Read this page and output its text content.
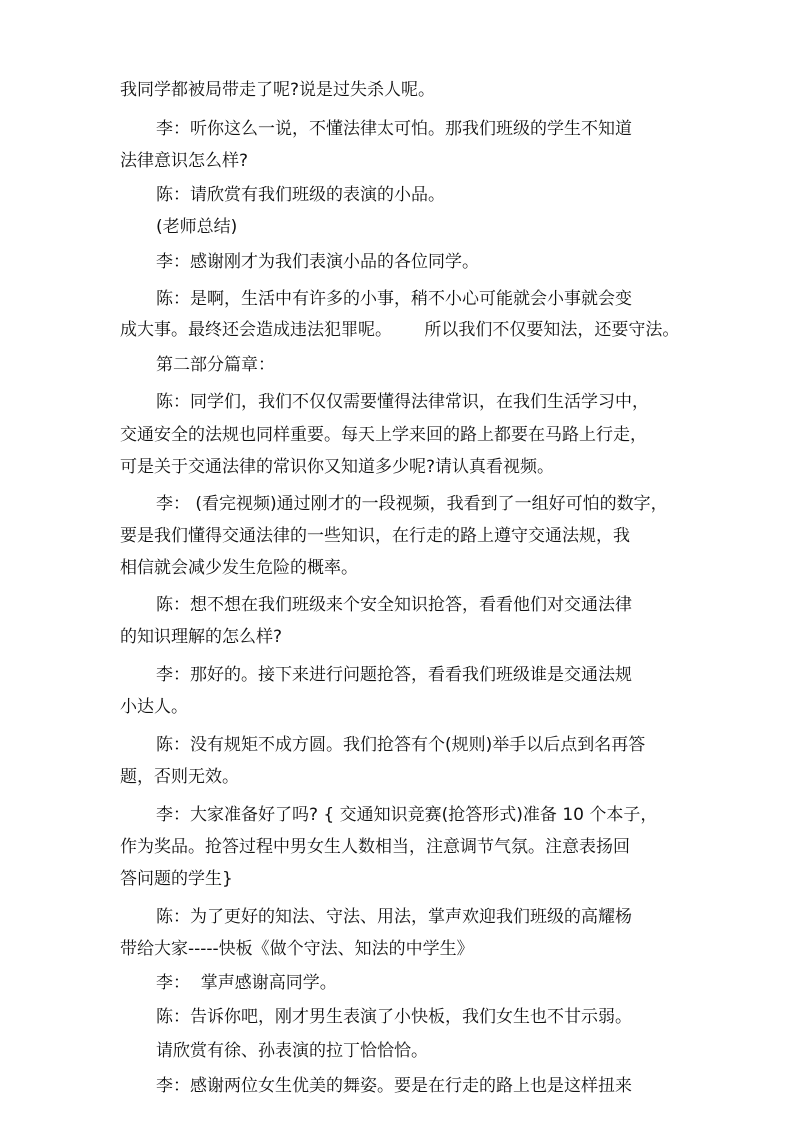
我同学都被局带走了呢?说是过失杀人呢。
李：听你这么一说，不懂法律太可怕。那我们班级的学生不知道
法律意识怎么样?
陈：请欣赏有我们班级的表演的小品。
(老师总结)
李：感谢刚才为我们表演小品的各位同学。
陈：是啊，生活中有许多的小事，稍不小心可能就会小事就会变
成大事。最终还会造成违法犯罪呢。      所以我们不仅要知法，还要守法。
第二部分篇章：
陈：同学们，我们不仅仅需要懂得法律常识，在我们生活学习中，
交通安全的法规也同样重要。每天上学来回的路上都要在马路上行走，
可是关于交通法律的常识你又知道多少呢?请认真看视频。
李： (看完视频)通过刚才的一段视频，我看到了一组好可怕的数字，
要是我们懂得交通法律的一些知识，在行走的路上遵守交通法规，我
相信就会减少发生危险的概率。
陈：想不想在我们班级来个安全知识抢答，看看他们对交通法律
的知识理解的怎么样?
李：那好的。接下来进行问题抢答，看看我们班级谁是交通法规
小达人。
陈：没有规矩不成方圆。我们抢答有个(规则)举手以后点到名再答
题，否则无效。
李：大家准备好了吗? { 交通知识竞赛(抢答形式)准备 10 个本子，
作为奖品。抢答过程中男女生人数相当，注意调节气氛。注意表扬回
答问题的学生}
陈：为了更好的知法、守法、用法，掌声欢迎我们班级的高耀杨
带给大家-----快板《做个守法、知法的中学生》
李：  掌声感谢高同学。
陈：告诉你吧，刚才男生表演了小快板，我们女生也不甘示弱。
请欣赏有徐、孙表演的拉丁恰恰恰。
李：感谢两位女生优美的舞姿。要是在行走的路上也是这样扭来
